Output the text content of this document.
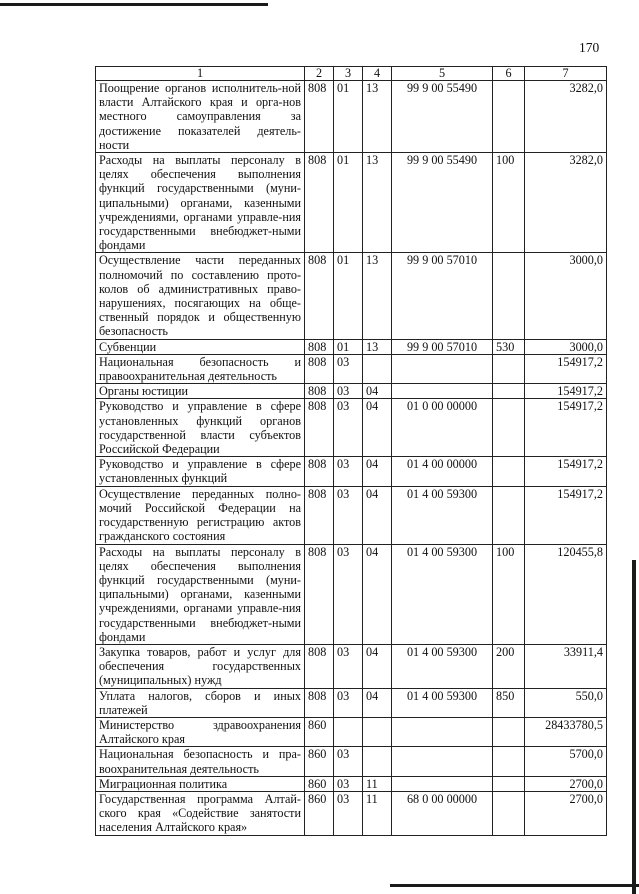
170
1	2	3	4	5	6	7
Поощрение органов исполнитель-ной власти Алтайского края и орга-нов местного самоуправления за достижение показателей деятель-ности	808	01	13	99 9 00 55490		3282,0
Расходы на выплаты персоналу в целях обеспечения выполнения функций государственными (муни-ципальными) органами, казенными учреждениями, органами управле-ния государственными внебюджет-ными фондами	808	01	13	99 9 00 55490	100	3282,0
Осуществление части переданных полномочий по составлению прото-колов об административных право-нарушениях, посягающих на обще-ственный порядок и общественную безопасность	808	01	13	99 9 00 57010		3000,0
Субвенции	808	01	13	99 9 00 57010	530	3000,0
Национальная безопасность и правоохранительная деятельность	808	03				154917,2
Органы юстиции	808	03	04			154917,2
Руководство и управление в сфере установленных функций органов государственной власти субъектов Российской Федерации	808	03	04	01 0 00 00000		154917,2
Руководство и управление в сфере установленных функций	808	03	04	01 4 00 00000		154917,2
Осуществление переданных полно-мочий Российской Федерации на государственную регистрацию актов гражданского состояния	808	03	04	01 4 00 59300		154917,2
Расходы на выплаты персоналу в целях обеспечения выполнения функций государственными (муни-ципальными) органами, казенными учреждениями, органами управле-ния государственными внебюджет-ными фондами	808	03	04	01 4 00 59300	100	120455,8
Закупка товаров, работ и услуг для обеспечения государственных (муниципальных) нужд	808	03	04	01 4 00 59300	200	33911,4
Уплата налогов, сборов и иных платежей	808	03	04	01 4 00 59300	850	550,0
Министерство здравоохранения Алтайского края	860					28433780,5
Национальная безопасность и пра-воохранительная деятельность	860	03				5700,0
Миграционная политика	860	03	11			2700,0
Государственная программа Алтай-ского края «Содействие занятости населения Алтайского края»	860	03	11	68 0 00 00000		2700,0
